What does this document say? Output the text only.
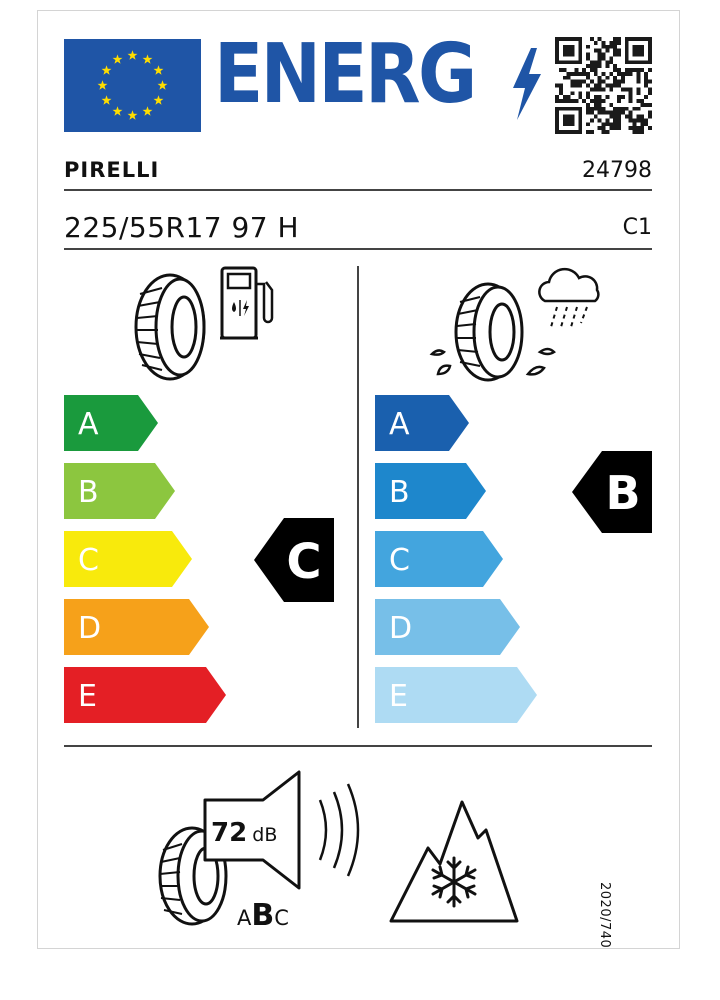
ENERG
PIRELLI	24798
225/55R17 97 H	C1
A
B
C
D
E
C
A
B
C
D
E
B
72 dB
ABC	2020/740
